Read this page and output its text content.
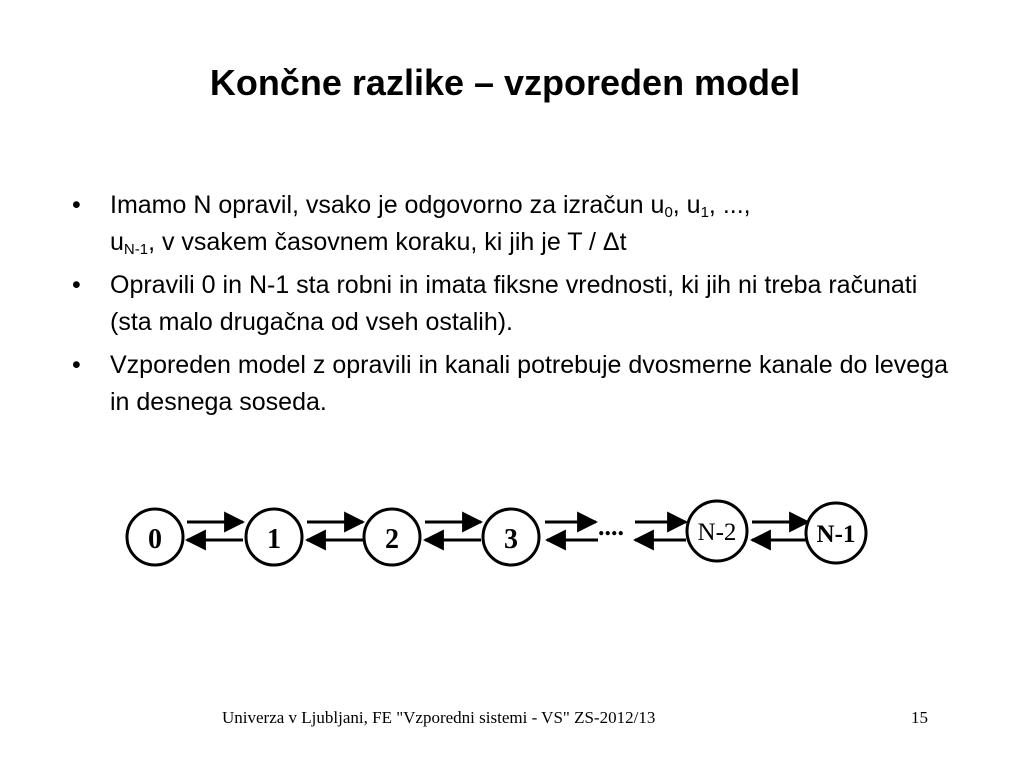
Končne razlike – vzporeden model
• Imamo N opravil, vsako je odgovorno za izračun $u_0$, $u_1$, ...,
$u_{N-1}$, v vsakem časovnem koraku, ki jih je T / Δt
• Opravili 0 in N-1 sta robni in imata fiksne vrednosti, ki jih ni treba računati (sta malo drugačna od vseh ostalih).
• Vzporeden model z opravili in kanali potrebuje dvosmerne kanale do levega in desnega soseda.
0	1	2	3	....	N-2	N-1
Univerza v Ljubljani, FE "Vzporedni sistemi - VS" ZS-2012/13	15
